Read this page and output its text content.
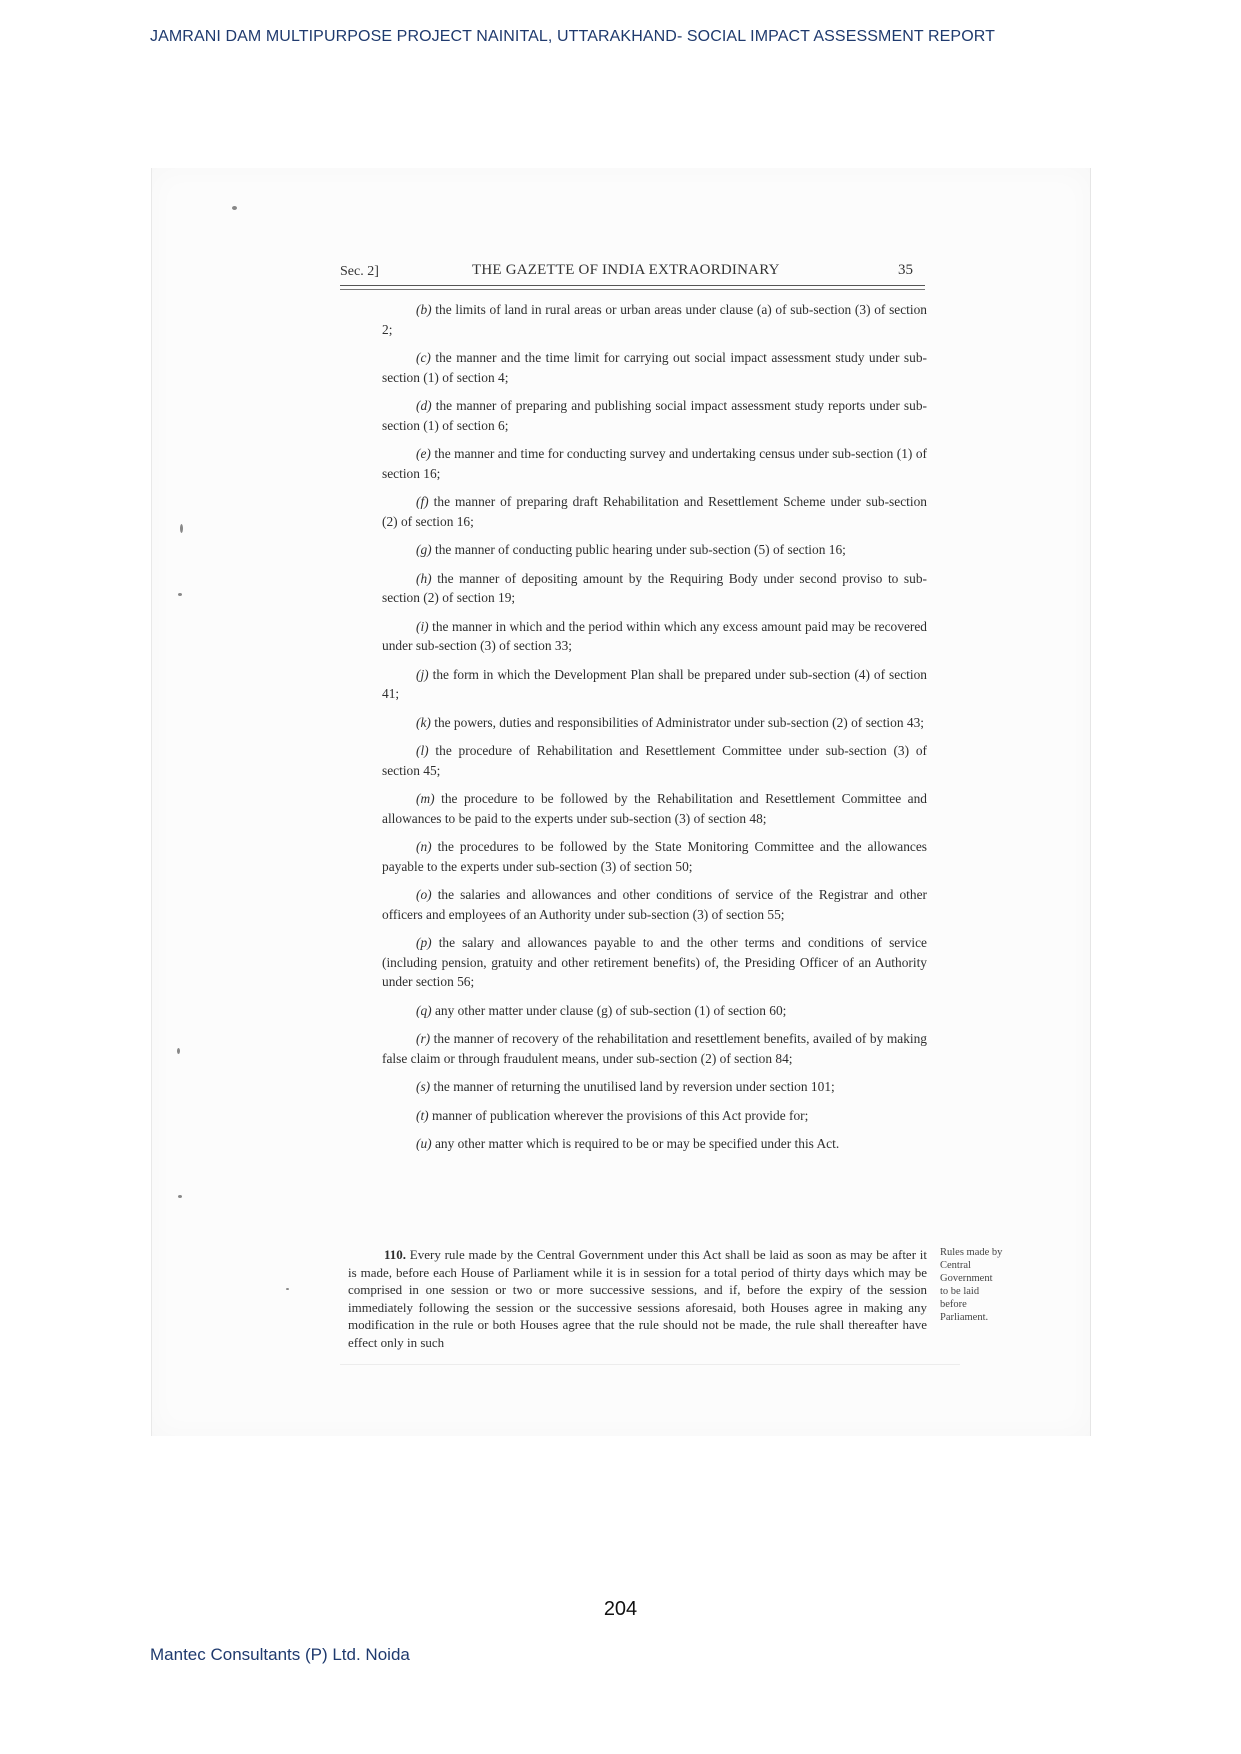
JAMRANI DAM MULTIPURPOSE PROJECT NAINITAL, UTTARAKHAND- SOCIAL IMPACT ASSESSMENT REPORT
Sec. 2]	THE GAZETTE OF INDIA EXTRAORDINARY	35

(b) the limits of land in rural areas or urban areas under clause (a) of sub-section (3) of section 2;

(c) the manner and the time limit for carrying out social impact assessment study under sub-section (1) of section 4;

(d) the manner of preparing and publishing social impact assessment study reports under sub-section (1) of section 6;

(e) the manner and time for conducting survey and undertaking census under sub-section (1) of section 16;

(f) the manner of preparing draft Rehabilitation and Resettlement Scheme under sub-section (2) of section 16;

(g) the manner of conducting public hearing under sub-section (5) of section 16;

(h) the manner of depositing amount by the Requiring Body under second proviso to sub-section (2) of section 19;

(i) the manner in which and the period within which any excess amount paid may be recovered under sub-section (3) of section 33;

(j) the form in which the Development Plan shall be prepared under sub-section (4) of section 41;

(k) the powers, duties and responsibilities of Administrator under sub-section (2) of section 43;

(l) the procedure of Rehabilitation and Resettlement Committee under sub-section (3) of section 45;

(m) the procedure to be followed by the Rehabilitation and Resettlement Committee and allowances to be paid to the experts under sub-section (3) of section 48;

(n) the procedures to be followed by the State Monitoring Committee and the allowances payable to the experts under sub-section (3) of section 50;

(o) the salaries and allowances and other conditions of service of the Registrar and other officers and employees of an Authority under sub-section (3) of section 55;

(p) the salary and allowances payable to and the other terms and conditions of service (including pension, gratuity and other retirement benefits) of, the Presiding Officer of an Authority under section 56;

(q) any other matter under clause (g) of sub-section (1) of section 60;

(r) the manner of recovery of the rehabilitation and resettlement benefits, availed of by making false claim or through fraudulent means, under sub-section (2) of section 84;

(s) the manner of returning the unutilised land by reversion under section 101;

(t) manner of publication wherever the provisions of this Act provide for;

(u) any other matter which is required to be or may be specified under this Act.

110. Every rule made by the Central Government under this Act shall be laid as soon as may be after it is made, before each House of Parliament while it is in session for a total period of thirty days which may be comprised in one session or two or more successive sessions, and if, before the expiry of the session immediately following the session or the successive sessions aforesaid, both Houses agree in making any modification in the rule or both Houses agree that the rule should not be made, the rule shall thereafter have effect only in such
Rules made by
Central
Government
to be laid
before
Parliament.
204
Mantec Consultants (P) Ltd. Noida
